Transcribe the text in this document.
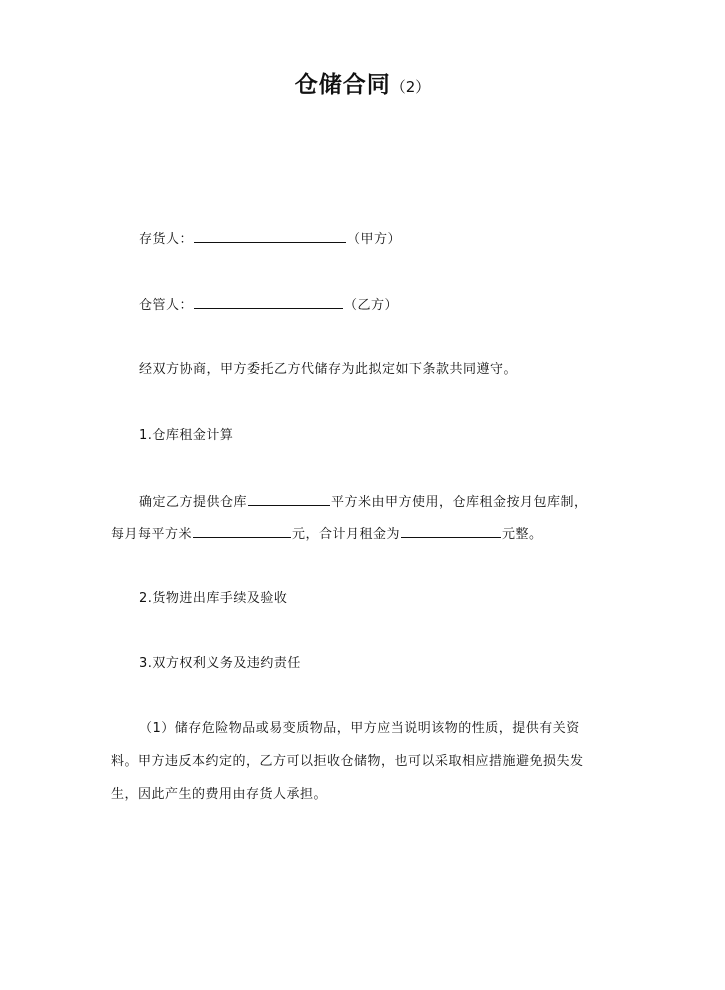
仓储合同（2）
存货人：	（甲方）
仓管人：	（乙方）
经双方协商，甲方委托乙方代储存为此拟定如下条款共同遵守。
1.仓库租金计算
确定乙方提供仓库	平方米由甲方使用，仓库租金按月包库制，
每月每平方米	元，合计月租金为	元整。
2.货物进出库手续及验收
3.双方权利义务及违约责任
（1）储存危险物品或易变质物品，甲方应当说明该物的性质，提供有关资
料。甲方违反本约定的，乙方可以拒收仓储物，也可以采取相应措施避免损失发
生，因此产生的费用由存货人承担。
